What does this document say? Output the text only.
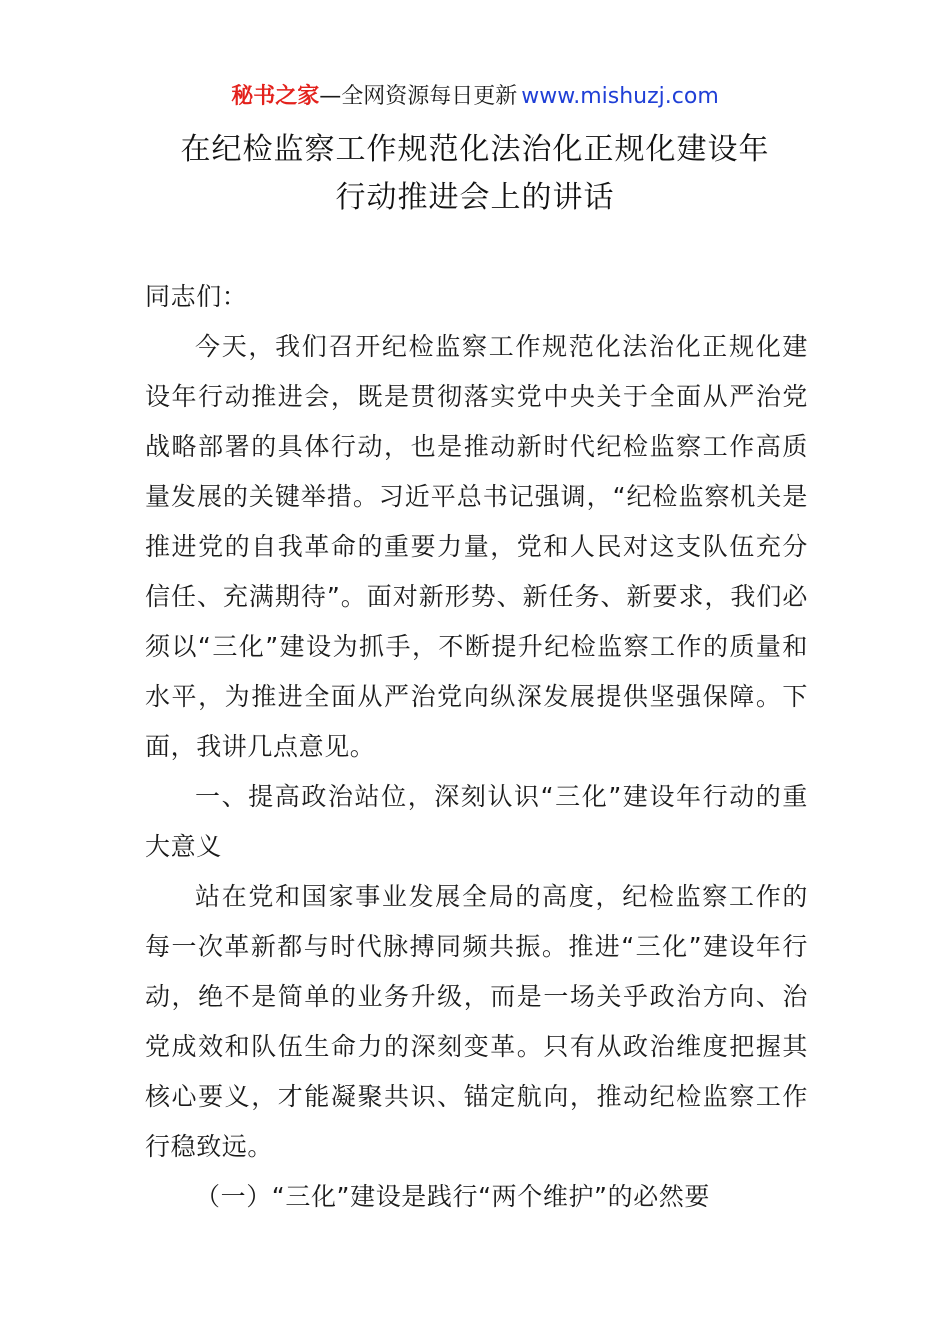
秘书之家—全网资源每日更新 www.mishuzj.com
在纪检监察工作规范化法治化正规化建设年
行动推进会上的讲话

同志们：

今天，我们召开纪检监察工作规范化法治化正规化建设年行动推进会，既是贯彻落实党中央关于全面从严治党战略部署的具体行动，也是推动新时代纪检监察工作高质量发展的关键举措。习近平总书记强调，“纪检监察机关是推进党的自我革命的重要力量，党和人民对这支队伍充分信任、充满期待”。面对新形势、新任务、新要求，我们必须以“三化”建设为抓手，不断提升纪检监察工作的质量和水平，为推进全面从严治党向纵深发展提供坚强保障。下面，我讲几点意见。

一、提高政治站位，深刻认识“三化”建设年行动的重大意义

站在党和国家事业发展全局的高度，纪检监察工作的每一次革新都与时代脉搏同频共振。推进“三化”建设年行动，绝不是简单的业务升级，而是一场关乎政治方向、治党成效和队伍生命力的深刻变革。只有从政治维度把握其核心要义，才能凝聚共识、锚定航向，推动纪检监察工作行稳致远。

（一）“三化”建设是践行“两个维护”的必然要
